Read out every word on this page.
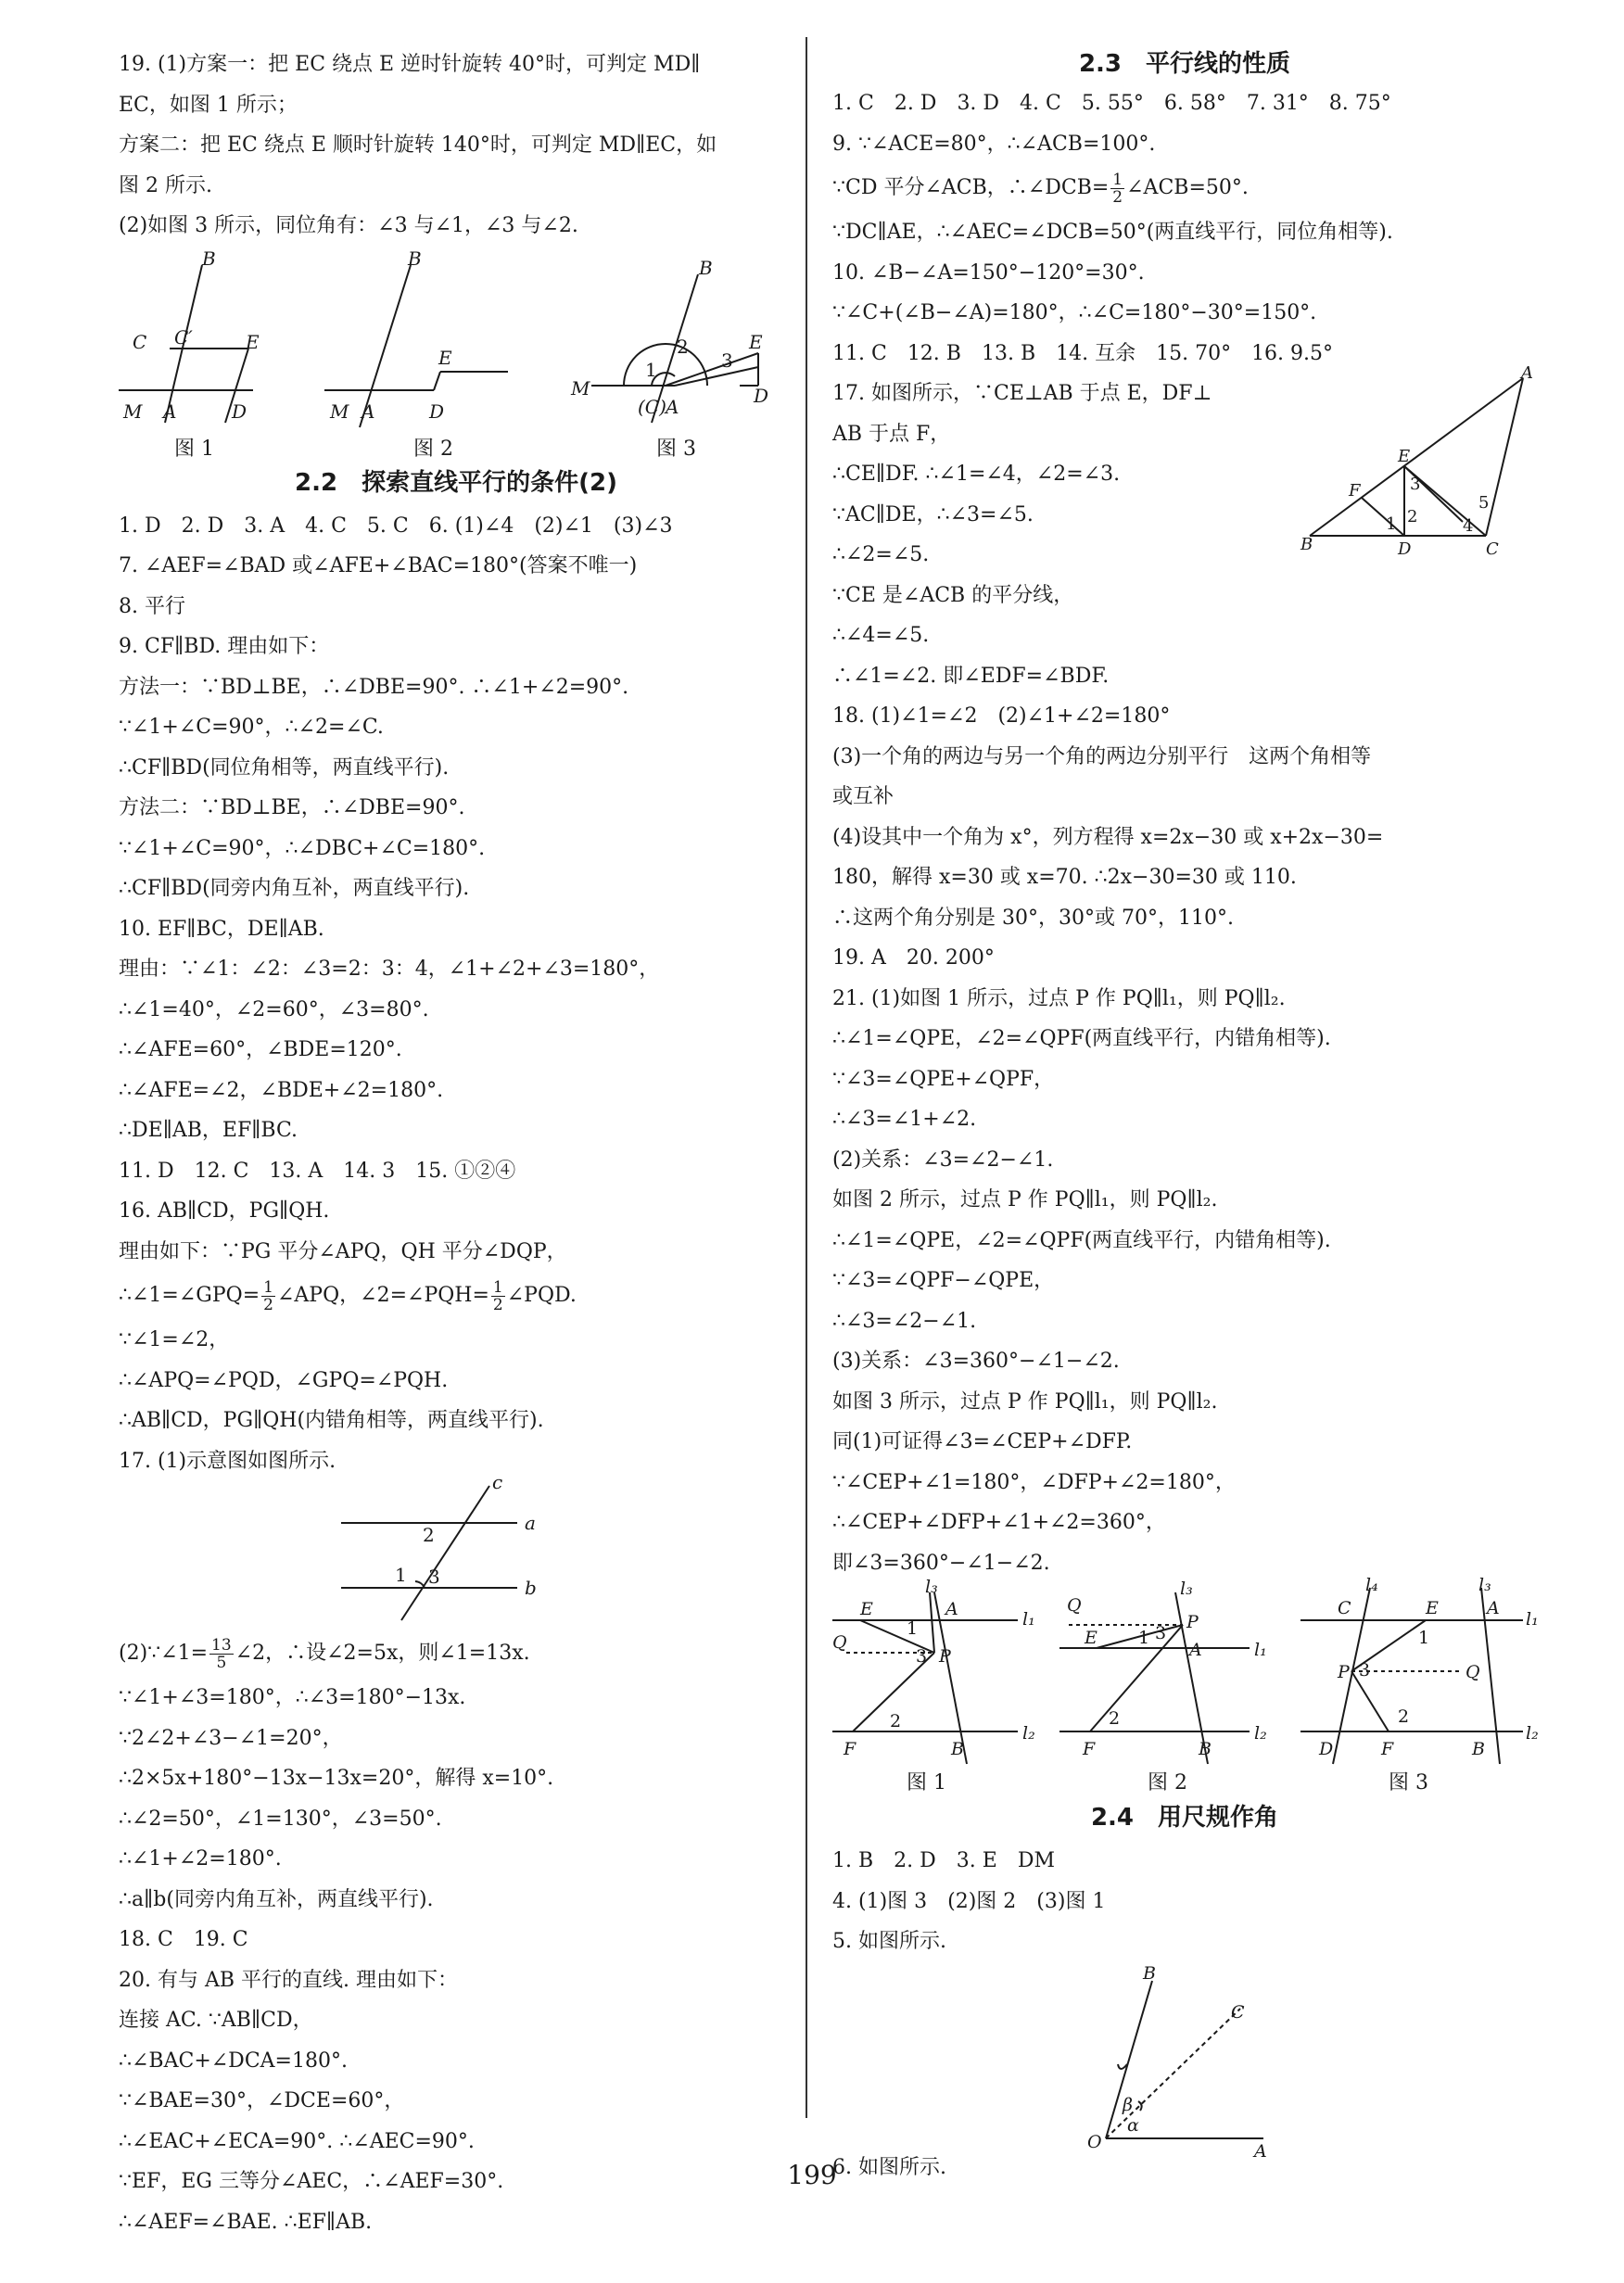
19. (1)方案一：把 EC 绕点 E 逆时针旋转 40°时，可判定 MD∥
EC，如图 1 所示；
方案二：把 EC 绕点 E 顺时针旋转 140°时，可判定 MD∥EC，如
图 2 所示.
(2)如图 3 所示，同位角有：∠3 与∠1，∠3 与∠2.
B
C C′	E
M A	D
B
E
M A	D
B
M
(C) A
E
D
2
1	3
图 1	图 2	图 3
2.2　探索直线平行的条件(2)
1. D　2. D　3. A　4. C　5. C　6. (1)∠4　(2)∠1　(3)∠3
7. ∠AEF=∠BAD 或∠AFE+∠BAC=180°(答案不唯一)
8. 平行
9. CF∥BD. 理由如下：
方法一：∵BD⊥BE，∴∠DBE=90°. ∴∠1+∠2=90°.
∵∠1+∠C=90°，∴∠2=∠C.
∴CF∥BD(同位角相等，两直线平行).
方法二：∵BD⊥BE，∴∠DBE=90°.
∵∠1+∠C=90°，∴∠DBC+∠C=180°.
∴CF∥BD(同旁内角互补，两直线平行).
10. EF∥BC，DE∥AB.
理由：∵∠1：∠2：∠3=2：3：4，∠1+∠2+∠3=180°，
∴∠1=40°，∠2=60°，∠3=80°.
∴∠AFE=60°，∠BDE=120°.
∴∠AFE=∠2，∠BDE+∠2=180°.
∴DE∥AB，EF∥BC.
11. D　12. C　13. A　14. 3　15. ①②④
16. AB∥CD，PG∥QH.
理由如下：∵PG 平分∠APQ，QH 平分∠DQP，
∴∠1=∠GPQ= $\frac{1}{2}$ ∠APQ，∠2=∠PQH= $\frac{1}{2}$ ∠PQD.
∵∠1=∠2，
∴∠APQ=∠PQD，∠GPQ=∠PQH.
∴AB∥CD，PG∥QH(内错角相等，两直线平行).
17. (1)示意图如图所示.
c
a
b
2
1 3
(2)∵∠1= $\frac{13}{5}$ ∠2，∴设∠2=5x，则∠1=13x.
∵∠1+∠3=180°，∴∠3=180°−13x.
∵2∠2+∠3−∠1=20°，
∴2×5x+180°−13x−13x=20°，解得 x=10°.
∴∠2=50°，∠1=130°，∠3=50°.
∴∠1+∠2=180°.
∴a∥b(同旁内角互补，两直线平行).
18. C　19. C
20. 有与 AB 平行的直线. 理由如下：
连接 AC. ∵AB∥CD，
∴∠BAC+∠DCA=180°.
∵∠BAE=30°，∠DCE=60°，
∴∠EAC+∠ECA=90°. ∴∠AEC=90°.
∵EF，EG 三等分∠AEC，∴∠AEF=30°.
∴∠AEF=∠BAE. ∴EF∥AB.
2.3　平行线的性质
1. C　2. D　3. D　4. C　5. 55°　6. 58°　7. 31°　8. 75°
9. ∵∠ACE=80°，∴∠ACB=100°.
∵CD 平分∠ACB，∴∠DCB= $\frac{1}{2}$ ∠ACB=50°.
∵DC∥AE，∴∠AEC=∠DCB=50°(两直线平行，同位角相等).
10. ∠B−∠A=150°−120°=30°.
∵∠C+(∠B−∠A)=180°，∴∠C=180°−30°=150°.
11. C　12. B　13. B　14. 互余　15. 70°　16. 9.5°
A
B	D	C
E
F
1 2
3
4
5
17. 如图所示，∵CE⊥AB 于点 E，DF⊥
AB 于点 F，
∴CE∥DF. ∴∠1=∠4，∠2=∠3.
∵AC∥DE，∴∠3=∠5.
∴∠2=∠5.
∵CE 是∠ACB 的平分线，
∴∠4=∠5.
∴∠1=∠2. 即∠EDF=∠BDF.
18. (1)∠1=∠2　(2)∠1+∠2=180°
(3)一个角的两边与另一个角的两边分别平行　这两个角相等
或互补
(4)设其中一个角为 x°，列方程得 x=2x−30 或 x+2x−30=
180，解得 x=30 或 x=70. ∴2x−30=30 或 110.
∴这两个角分别是 30°，30°或 70°，110°.
19. A　20. 200°
21. (1)如图 1 所示，过点 P 作 PQ∥l₁，则 PQ∥l₂.
∴∠1=∠QPE，∠2=∠QPF(两直线平行，内错角相等).
∵∠3=∠QPE+∠QPF，
∴∠3=∠1+∠2.
(2)关系：∠3=∠2−∠1.
如图 2 所示，过点 P 作 PQ∥l₁，则 PQ∥l₂.
∴∠1=∠QPE，∠2=∠QPF(两直线平行，内错角相等).
∵∠3=∠QPF−∠QPE，
∴∠3=∠2−∠1.
(3)关系：∠3=360°−∠1−∠2.
如图 3 所示，过点 P 作 PQ∥l₁，则 PQ∥l₂.
同(1)可证得∠3=∠CEP+∠DFP.
∵∠CEP+∠1=180°，∠DFP+∠2=180°，
∴∠CEP+∠DFP+∠1+∠2=360°，
即∠3=360°−∠1−∠2.
E	A
l₃
l₁
l₂
Q
P
F	B
1
3
2
Q
l₃
P
E
A	l₁
l₂
F	B
1 3
2
l₄	l₃
C	E	A
l₁
l₂
P	Q
D	F	B
1
3
2
图 1	图 2	图 3
2.4　用尺规作角
1. B　2. D　3. E　DM
4. (1)图 3　(2)图 2　(3)图 1
5. 如图所示.
B
C
O	A
β
α
6. 如图所示.
199
